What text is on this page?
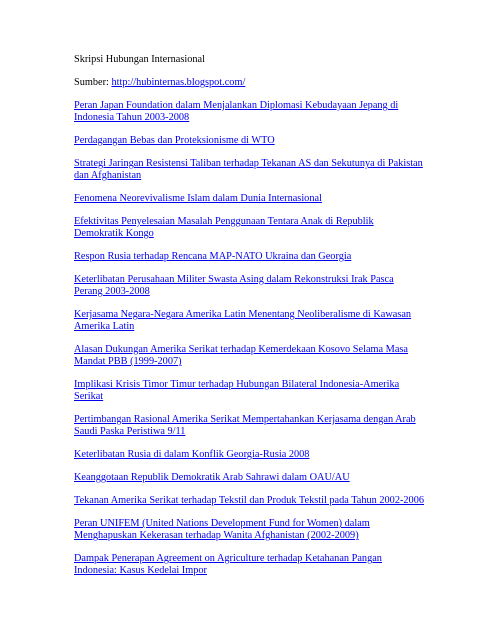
Skripsi Hubungan Internasional

Sumber: http://hubinternas.blogspot.com/

Peran Japan Foundation dalam Menjalankan Diplomasi Kebudayaan Jepang di Indonesia Tahun 2003-2008
Perdagangan Bebas dan Proteksionisme di WTO
Strategi Jaringan Resistensi Taliban terhadap Tekanan AS dan Sekutunya di Pakistan dan Afghanistan
Fenomena Neorevivalisme Islam dalam Dunia Internasional
Efektivitas Penyelesaian Masalah Penggunaan Tentara Anak di Republik Demokratik Kongo
Respon Rusia terhadap Rencana MAP-NATO Ukraina dan Georgia
Keterlibatan Perusahaan Militer Swasta Asing dalam Rekonstruksi Irak Pasca Perang 2003-2008
Kerjasama Negara-Negara Amerika Latin Menentang Neoliberalisme di Kawasan Amerika Latin
Alasan Dukungan Amerika Serikat terhadap Kemerdekaan Kosovo Selama Masa Mandat PBB (1999-2007)
Implikasi Krisis Timor Timur terhadap Hubungan Bilateral Indonesia-Amerika Serikat
Pertimbangan Rasional Amerika Serikat Mempertahankan Kerjasama dengan Arab Saudi Paska Peristiwa 9/11
Keterlibatan Rusia di dalam Konflik Georgia-Rusia 2008
Keanggotaan Republik Demokratik Arab Sahrawi dalam OAU/AU
Tekanan Amerika Serikat terhadap Tekstil dan Produk Tekstil pada Tahun 2002-2006
Peran UNIFEM (United Nations Development Fund for Women) dalam Menghapuskan Kekerasan terhadap Wanita Afghanistan (2002-2009)
Dampak Penerapan Agreement on Agriculture terhadap Ketahanan Pangan Indonesia: Kasus Kedelai Impor
